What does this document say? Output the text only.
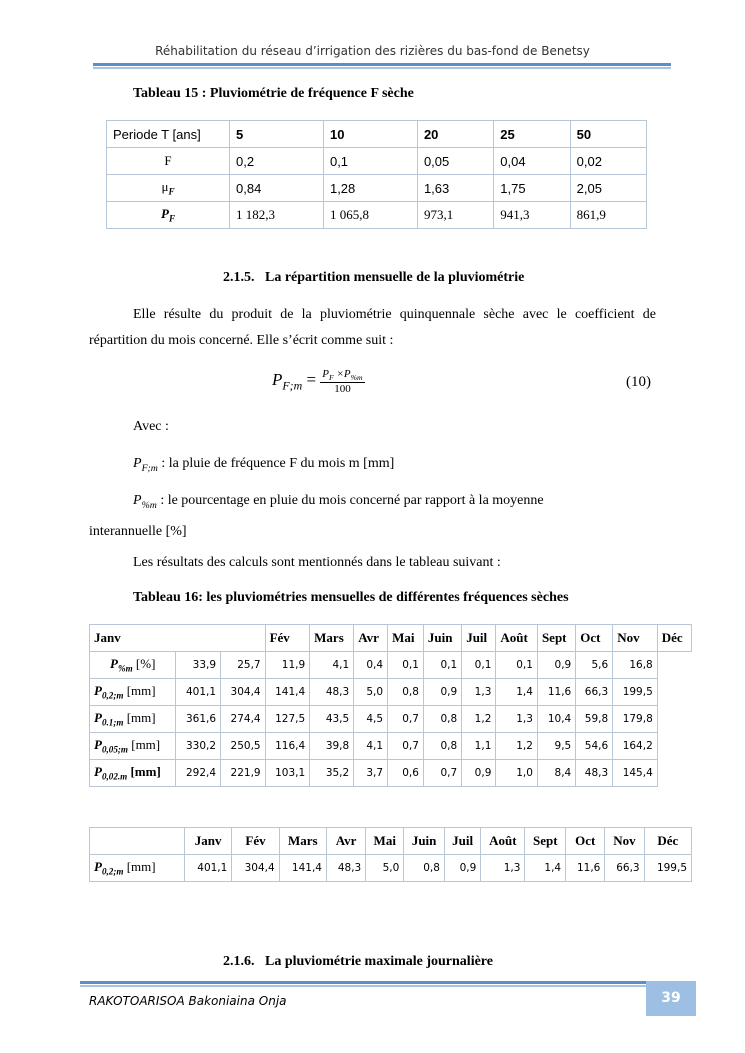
Réhabilitation du réseau d’irrigation des rizières du bas-fond de Benetsy
Tableau 15 : Pluviométrie de fréquence F sèche
Periode T [ans]	5	10	20	25	50
F	0,2	0,1	0,05	0,04	0,02
$\mu_F$	0,84	1,28	1,63	1,75	2,05
$P_F$	1 182,3	1 065,8	973,1	941,3	861,9
2.1.5.  La répartition mensuelle de la pluviométrie
Elle résulte du produit de la pluviométrie quinquennale sèche avec le coefficient de répartition du mois concerné. Elle s’écrit comme suit :
$P_{F;m} = \frac{P_F \times P_{\%m}}{100}$	(10)
Avec :
$P_{F;m}$ : la pluie de fréquence F du mois m [mm]
$P_{\%m}$ : le pourcentage en pluie du mois concerné par rapport à la moyenne interannuelle [%]
Les résultats des calculs sont mentionnés dans le tableau suivant :
Tableau 16: les pluviométries mensuelles de différentes fréquences sèches
Janv			Fév	Mars	Avr	Mai	Juin	Juil	Août	Sept	Oct	Nov	Déc
$P_{\%m}$ [%]	33,9	25,7	11,9	4,1	0,4	0,1	0,1	0,1	0,1	0,9	5,6	16,8	
$P_{0,2;m}$ [mm]	401,1	304,4	141,4	48,3	5,0	0,8	0,9	1,3	1,4	11,6	66,3	199,5	
$P_{0.1;m}$ [mm]	361,6	274,4	127,5	43,5	4,5	0,7	0,8	1,2	1,3	10,4	59,8	179,8	
$P_{0,05;m}$ [mm]	330,2	250,5	116,4	39,8	4,1	0,7	0,8	1,1	1,2	9,5	54,6	164,2	
$P_{0,02.m}$ [mm]	292,4	221,9	103,1	35,2	3,7	0,6	0,7	0,9	1,0	8,4	48,3	145,4	
	Janv	Fév	Mars	Avr	Mai	Juin	Juil	Août	Sept	Oct	Nov	Déc
$P_{0,2;m}$ [mm]	401,1	304,4	141,4	48,3	5,0	0,8	0,9	1,3	1,4	11,6	66,3	199,5
2.1.6.  La pluviométrie maximale journalière
RAKOTOARISOA Bakoniaina Onja	39
